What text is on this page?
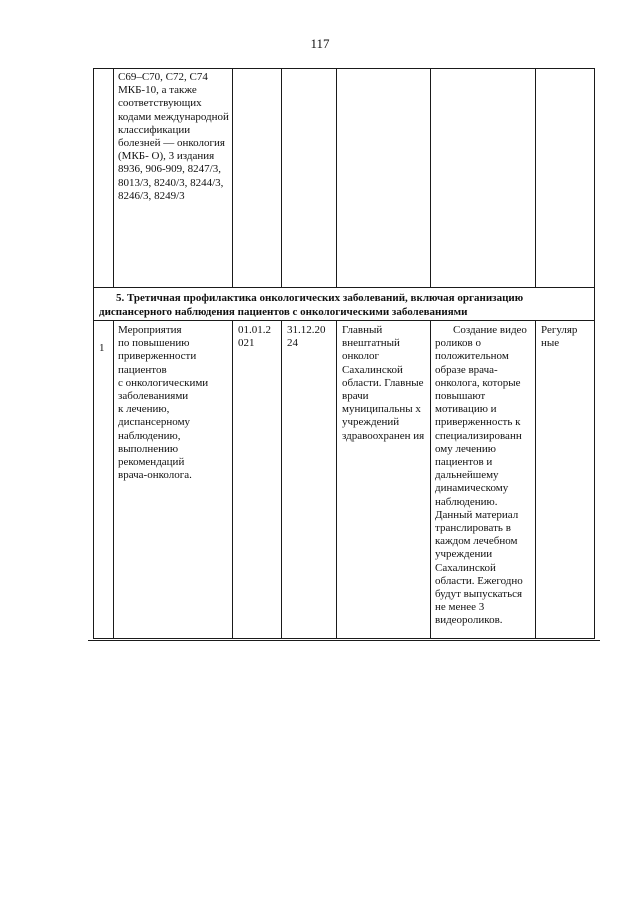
117
С69–С70, С72, С74 МКБ-10, а также соответствующих кодами международной классификации болезней — онкология (МКБ- О), 3 издания 8936, 906-909, 8247/3, 8013/3, 8240/3, 8244/3, 8246/3, 8249/3
5. Третичная профилактика онкологических заболеваний, включая организацию
диспансерного наблюдения пациентов с онкологическими заболеваниями
1
Мероприятия
по повышению
приверженности
пациентов
с онкологическими
заболеваниями
к лечению,
диспансерному
наблюдению,
выполнению
рекомендаций
врача-онколога.
01.01.2
021
31.12.20
24
Главный внештатный онколог Сахалинской области. Главные врачи муниципальны х учреждений здравоохранен ия
Создание видео роликов о положительном образе врача- онколога, которые повышают мотивацию и приверженность к специализированн ому лечению пациентов и дальнейшему динамическому наблюдению. Данный материал транслировать в каждом лечебном учреждении Сахалинской области. Ежегодно будут выпускаться не менее 3 видеороликов.
Регуляр
ные
